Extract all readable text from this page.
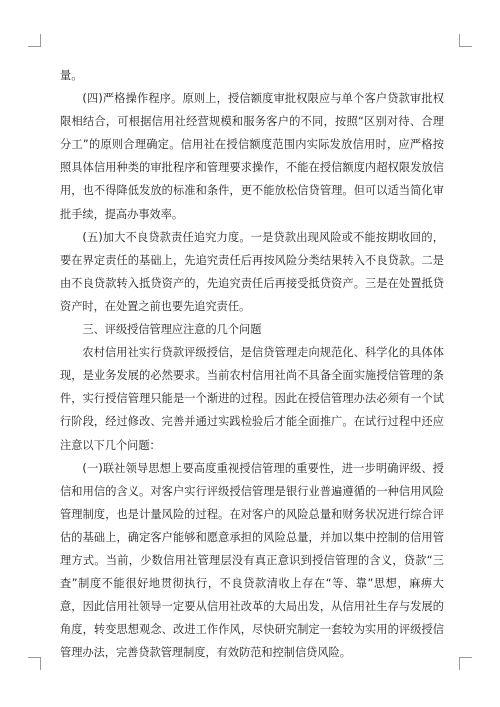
量。

(四)严格操作程序。原则上，授信额度审批权限应与单个客户贷款审批权限相结合，可根据信用社经营规模和服务客户的不同，按照“区别对待、合理分工”的原则合理确定。信用社在授信额度范围内实际发放信用时，应严格按照具体信用种类的审批程序和管理要求操作，不能在授信额度内超权限发放信用，也不得降低发放的标准和条件，更不能放松信贷管理。但可以适当简化审批手续，提高办事效率。

(五)加大不良贷款责任追究力度。一是贷款出现风险或不能按期收回的，要在界定责任的基础上，先追究责任后再按风险分类结果转入不良贷款。二是由不良贷款转入抵贷资产的，先追究责任后再接受抵贷资产。三是在处置抵贷资产时，在处置之前也要先追究责任。

三、评级授信管理应注意的几个问题

农村信用社实行贷款评级授信，是信贷管理走向规范化、科学化的具体体现，是业务发展的必然要求。当前农村信用社尚不具备全面实施授信管理的条件，实行授信管理只能是一个渐进的过程。因此在授信管理办法必须有一个试行阶段，经过修改、完善并通过实践检验后才能全面推广。在试行过程中还应注意以下几个问题：

(一)联社领导思想上要高度重视授信管理的重要性，进一步明确评级、授信和用信的含义。对客户实行评级授信管理是银行业普遍遵循的一种信用风险管理制度，也是计量风险的过程。在对客户的风险总量和财务状况进行综合评估的基础上，确定客户能够和愿意承担的风险总量，并加以集中控制的信用管理方式。当前，少数信用社管理层没有真正意识到授信管理的含义，贷款“三査”制度不能很好地贯彻执行，不良贷款清收上存在“等、靠”思想，麻痹大意，因此信用社领导一定要从信用社改革的大局出发，从信用社生存与发展的角度，转变思想观念、改进工作作风，尽快研究制定一套较为实用的评级授信管理办法，完善贷款管理制度，有效防范和控制信贷风险。
